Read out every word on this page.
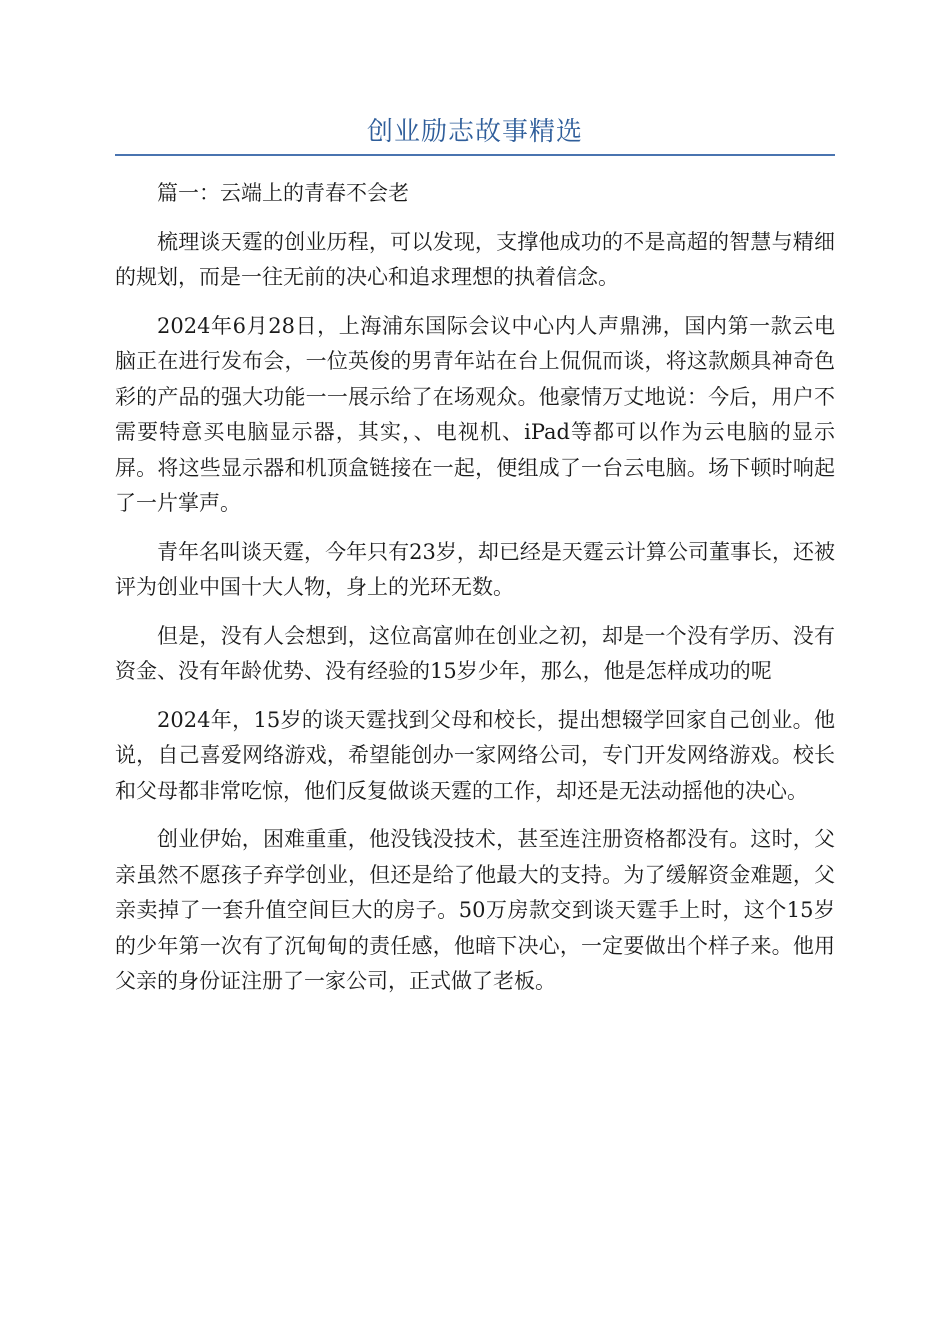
创业励志故事精选

篇一：云端上的青春不会老

梳理谈天霆的创业历程，可以发现，支撑他成功的不是高超的智慧与精细的规划，而是一往无前的决心和追求理想的执着信念。

2024年6月28日，上海浦东国际会议中心内人声鼎沸，国内第一款云电脑正在进行发布会，一位英俊的男青年站在台上侃侃而谈，将这款颇具神奇色彩的产品的强大功能一一展示给了在场观众。他豪情万丈地说：今后，用户不需要特意买电脑显示器，其实，、电视机、iPad等都可以作为云电脑的显示屏。将这些显示器和机顶盒链接在一起，便组成了一台云电脑。场下顿时响起了一片掌声。

青年名叫谈天霆，今年只有23岁，却已经是天霆云计算公司董事长，还被评为创业中国十大人物，身上的光环无数。

但是，没有人会想到，这位高富帅在创业之初，却是一个没有学历、没有资金、没有年龄优势、没有经验的15岁少年，那么，他是怎样成功的呢

2024年，15岁的谈天霆找到父母和校长，提出想辍学回家自己创业。他说，自己喜爱网络游戏，希望能创办一家网络公司，专门开发网络游戏。校长和父母都非常吃惊，他们反复做谈天霆的工作，却还是无法动摇他的决心。

创业伊始，困难重重，他没钱没技术，甚至连注册资格都没有。这时，父亲虽然不愿孩子弃学创业，但还是给了他最大的支持。为了缓解资金难题，父亲卖掉了一套升值空间巨大的房子。50万房款交到谈天霆手上时，这个15岁的少年第一次有了沉甸甸的责任感，他暗下决心，一定要做出个样子来。他用父亲的身份证注册了一家公司，正式做了老板。
